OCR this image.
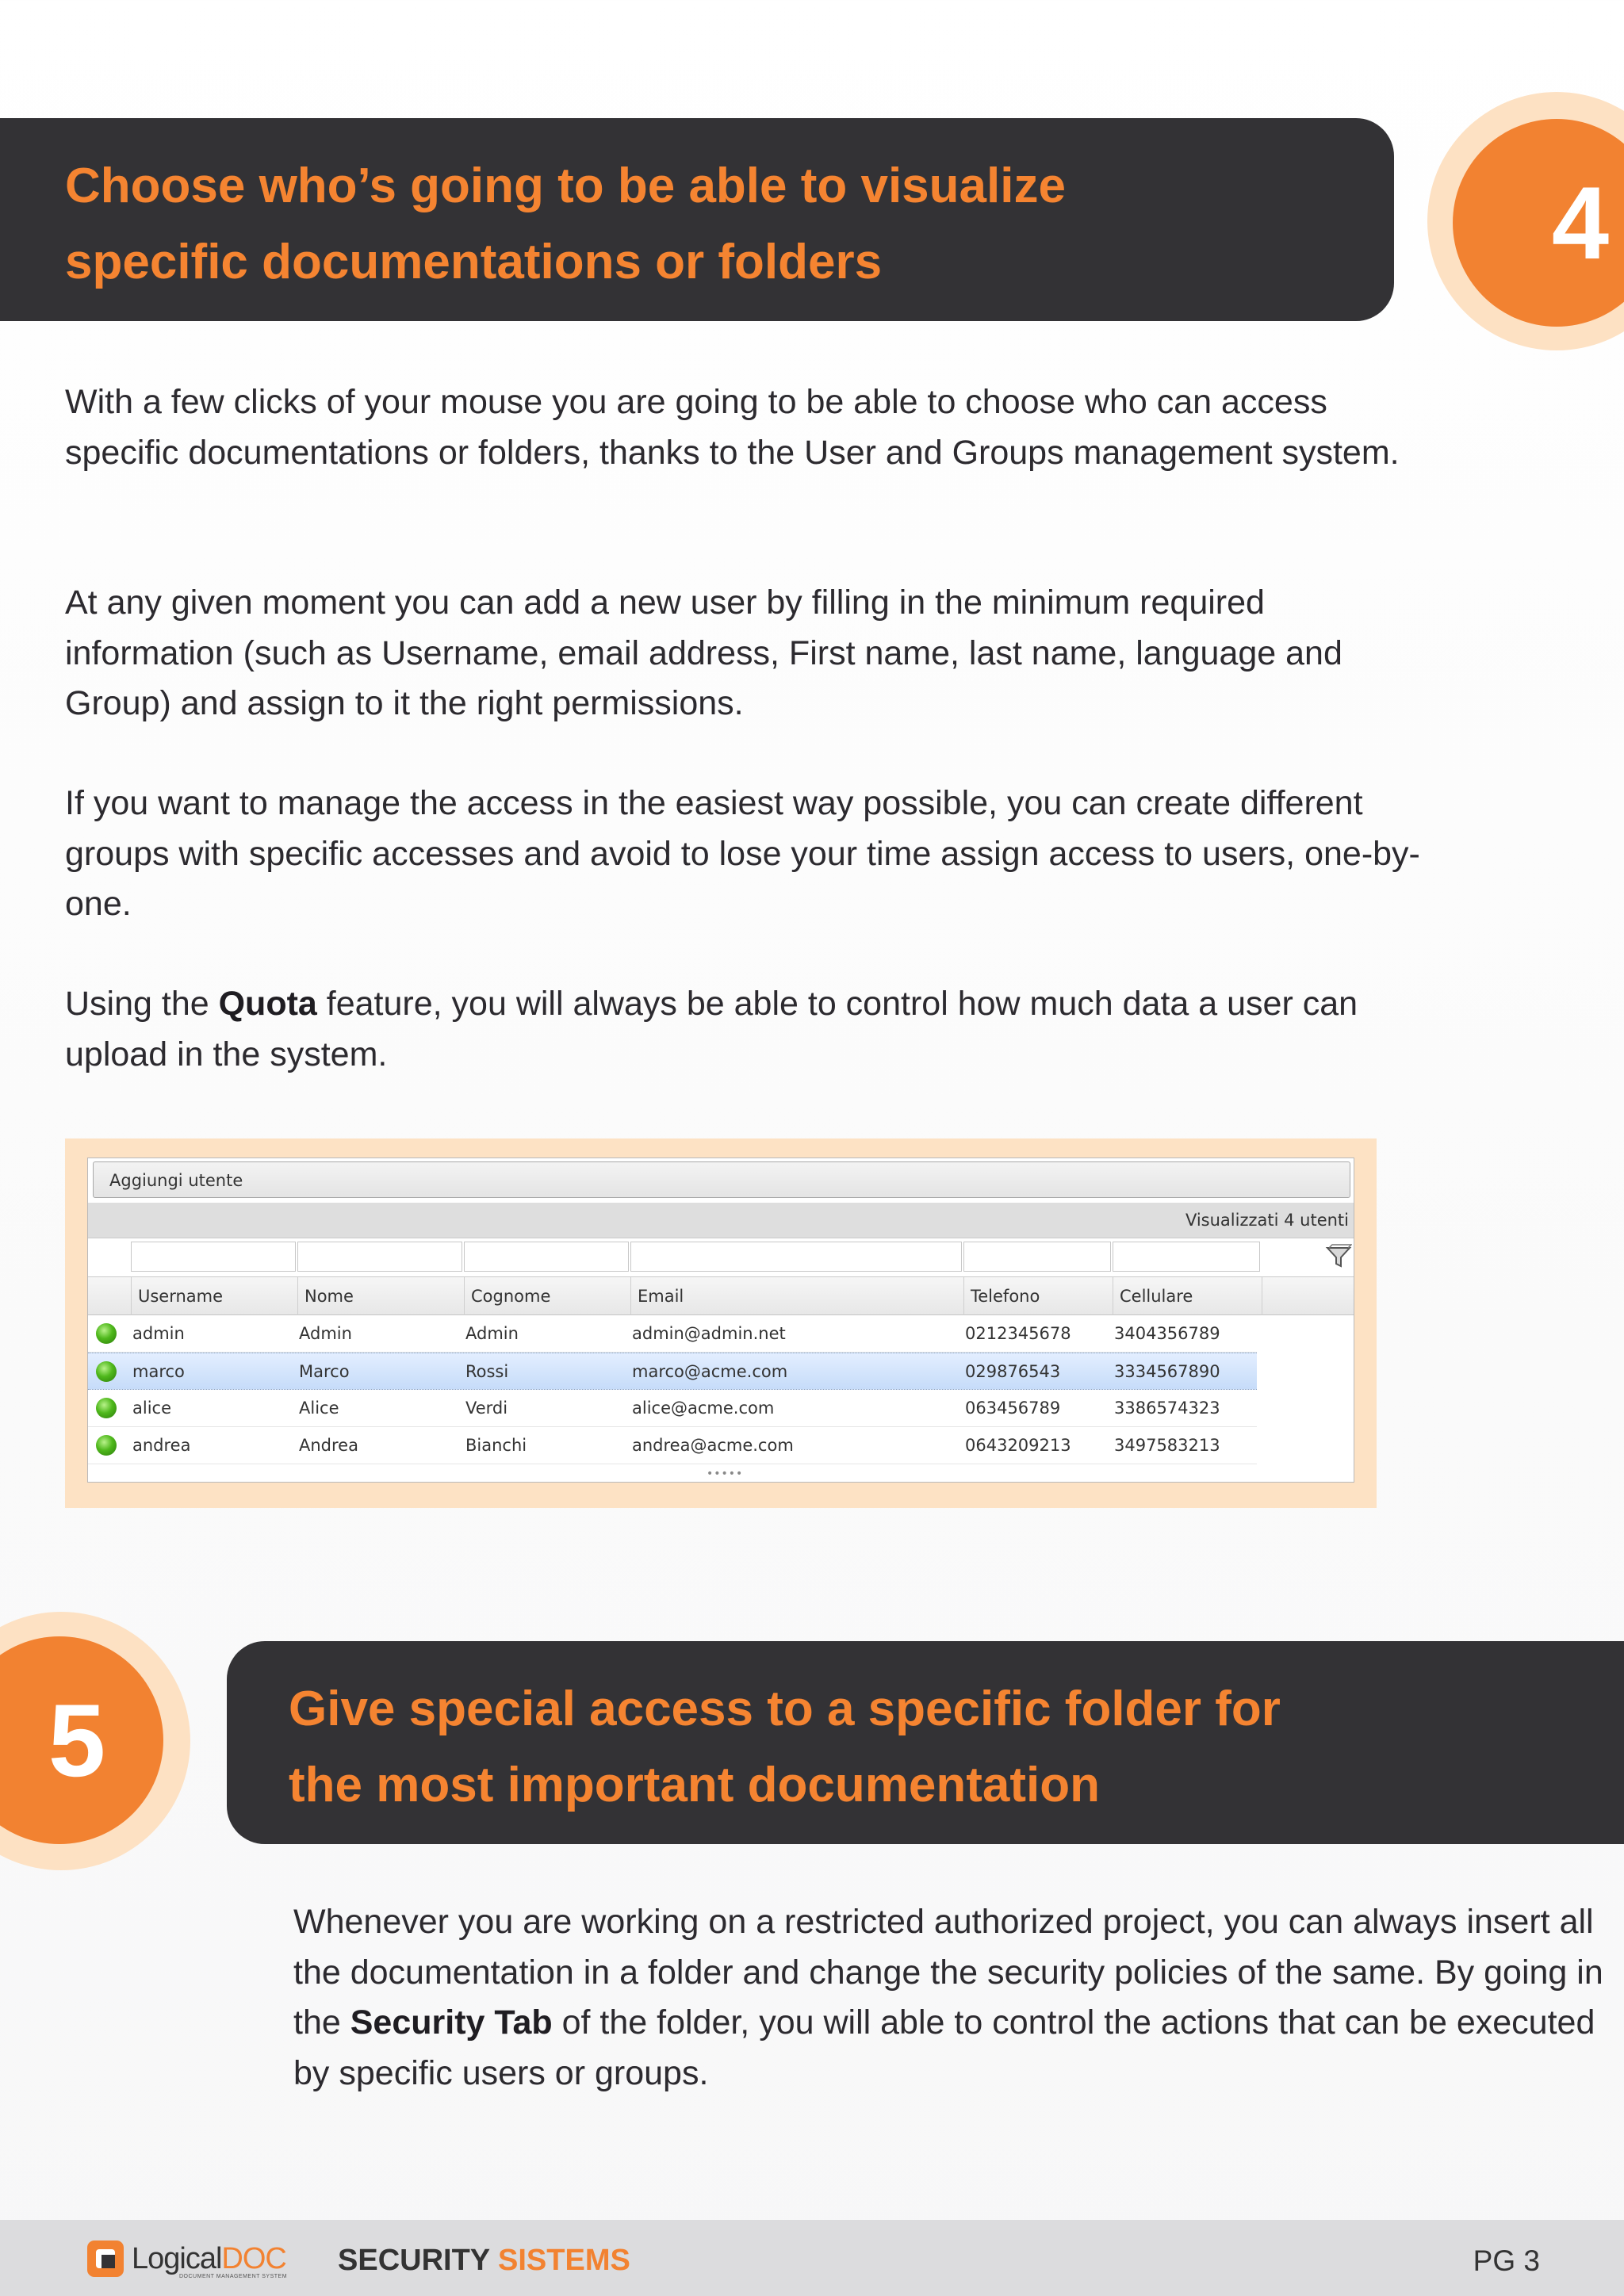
4
Choose who’s going to be able to visualize
specific documentations or folders

With a few clicks of your mouse you are going to be able to choose who can access specific documentations or folders, thanks to the User and Groups management system.

At any given moment you can add a new user by filling in the minimum required information (such as Username, email address, First name, last name, language and Group) and assign to it the right permissions.

If you want to manage the access in the easiest way possible, you can create different groups with specific accesses and avoid to lose your time assign access to users, one-by-one.

Using the Quota feature, you will always be able to control how much data a user can upload in the system.

Aggiungi utente
Visualizzati 4 utenti
Username	Nome	Cognome	Email	Telefono	Cellulare
admin	Admin	Admin	admin@admin.net	0212345678	3404356789
marco	Marco	Rossi	marco@acme.com	029876543	3334567890
alice	Alice	Verdi	alice@acme.com	063456789	3386574323
andrea	Andrea	Bianchi	andrea@acme.com	0643209213	3497583213
•••••
Give special access to a specific folder for
the most important documentation
5

Whenever you are working on a restricted authorized project, you can always insert all the documentation in a folder and change the security policies of the same. By going in the Security Tab of the folder, you will able to control the actions that can be executed by specific users or groups.

LogicalDOC
DOCUMENT MANAGEMENT SYSTEM SECURITY SISTEMS	PG 3
